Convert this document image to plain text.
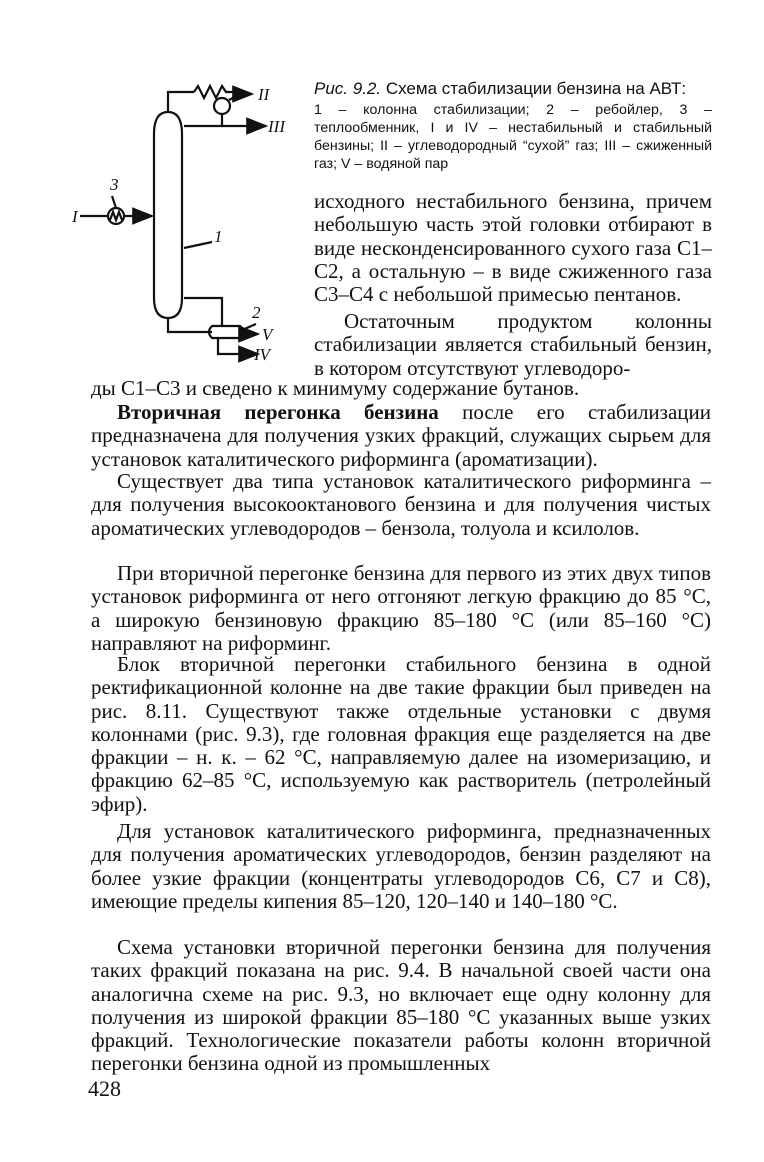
II
III
I
IV
V
1
2
3
Рис. 9.2. Схема стабилизации бензина на АВТ:
1 – колонна стабилизации; 2 – ребойлер, 3 – теплообменник, I и IV – нестабильный и стабильный бензины; II – углеводородный “сухой” газ; III – сжиженный газ; V – водяной пар

исходного нестабильного бензина, причем небольшую часть этой головки отбирают в виде несконденсированного сухого газа C1–C2, а остальную – в виде сжиженного газа C3–C4 с небольшой примесью пентанов.

Остаточным продуктом колонны стабилизации является стабильный бензин, в котором отсутствуют углеводоро-

ды C1–C3 и сведено к минимуму содержание бутанов.

Вторичная перегонка бензина после его стабилизации предназначена для получения узких фракций, служащих сырьем для установок каталитического риформинга (ароматизации).

Существует два типа установок каталитического риформинга – для получения высокооктанового бензина и для получения чистых ароматических углеводородов – бензола, толуола и ксилолов.

При вторичной перегонке бензина для первого из этих двух типов установок риформинга от него отгоняют легкую фракцию до 85 °С, а широкую бензиновую фракцию 85–180 °С (или 85–160 °С) направляют на риформинг.

Блок вторичной перегонки стабильного бензина в одной ректификационной колонне на две такие фракции был приведен на рис. 8.11. Существуют также отдельные установки с двумя колоннами (рис. 9.3), где головная фракция еще разделяется на две фракции – н. к. – 62 °С, направляемую далее на изомеризацию, и фракцию 62–85 °С, используемую как растворитель (петролейный эфир).

Для установок каталитического риформинга, предназначенных для получения ароматических углеводородов, бензин разделяют на более узкие фракции (концентраты углеводородов C6, C7 и C8), имеющие пределы кипения 85–120, 120–140 и 140–180 °С.

Схема установки вторичной перегонки бензина для получения таких фракций показана на рис. 9.4. В начальной своей части она аналогична схеме на рис. 9.3, но включает еще одну колонну для получения из широкой фракции 85–180 °С указанных выше узких фракций. Технологические показатели работы колонн вторичной перегонки бензина одной из промышленных

428
